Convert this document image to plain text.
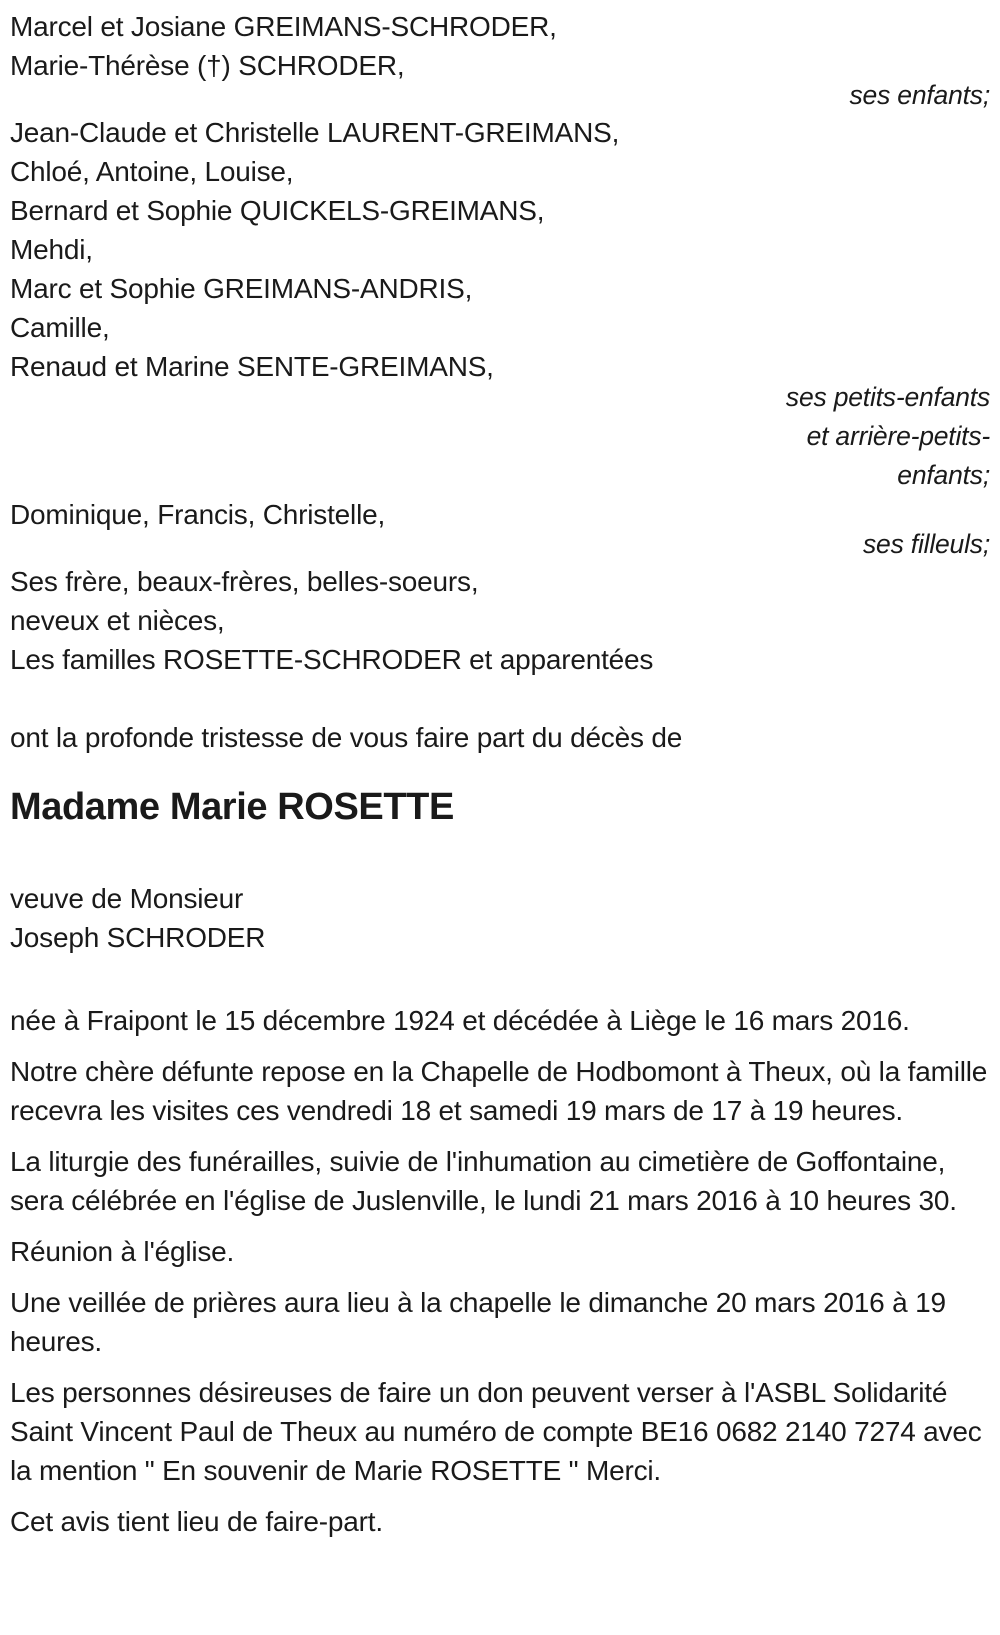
Marcel et Josiane GREIMANS-SCHRODER,
Marie-Thérèse (†) SCHRODER,
ses enfants;
Jean-Claude et Christelle LAURENT-GREIMANS,
Chloé, Antoine, Louise,
Bernard et Sophie QUICKELS-GREIMANS,
Mehdi,
Marc et Sophie GREIMANS-ANDRIS,
Camille,
Renaud et Marine SENTE-GREIMANS,
ses petits-enfants
et arrière-petits-
enfants;
Dominique, Francis, Christelle,
ses filleuls;
Ses frère, beaux-frères, belles-soeurs,
neveux et nièces,
Les familles ROSETTE-SCHRODER et apparentées
ont la profonde tristesse de vous faire part du décès de
Madame Marie ROSETTE
veuve de Monsieur
Joseph SCHRODER

née à Fraipont le 15 décembre 1924 et décédée à Liège le 16 mars 2016.

Notre chère défunte repose en la Chapelle de Hodbomont à Theux, où la famille recevra les visites ces vendredi 18 et samedi 19 mars de 17 à 19 heures.

La liturgie des funérailles, suivie de l'inhumation au cimetière de Goffontaine, sera célébrée en l'église de Juslenville, le lundi 21 mars 2016 à 10 heures 30.

Réunion à l'église.

Une veillée de prières aura lieu à la chapelle le dimanche 20 mars 2016 à 19 heures.

Les personnes désireuses de faire un don peuvent verser à l'ASBL Solidarité Saint Vincent Paul de Theux au numéro de compte BE16 0682 2140 7274 avec la mention " En souvenir de Marie ROSETTE " Merci.

Cet avis tient lieu de faire-part.
